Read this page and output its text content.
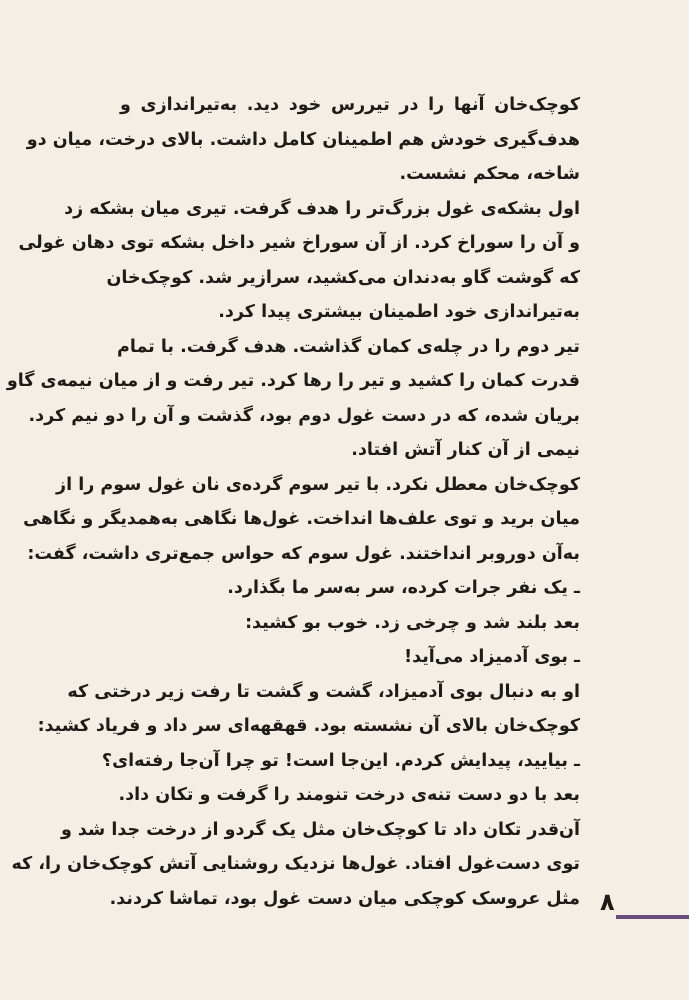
کوچک‌خان آنها را در تیررس خود دید. به‌تیراندازی و
هدف‌گیری خودش هم اطمینان کامل داشت. بالای درخت، میان دو
شاخه، محکم نشست.
اول بشکه‌ی غول بزرگ‌تر را هدف گرفت. تیری میان بشکه زد
و آن را سوراخ کرد. از آن سوراخ شیر داخل بشکه توی دهان غولی
که گوشت گاو به‌دندان می‌کشید، سرازیر شد. کوچک‌خان
به‌تیراندازی خود اطمینان بیشتری پیدا کرد.
تیر دوم را در چله‌ی کمان گذاشت. هدف گرفت. با تمام
قدرت کمان را کشید و تیر را رها کرد. تیر رفت و از میان نیمه‌ی گاو
بریان شده، که در دست غول دوم بود، گذشت و آن را دو نیم کرد.
نیمی از آن کنار آتش افتاد.
کوچک‌خان معطل نکرد. با تیر سوم گرده‌ی نان غول سوم را از
میان برید و توی علف‌ها انداخت. غول‌ها نگاهی به‌همدیگر و نگاهی
به‌آن دوروبر انداختند. غول سوم که حواس جمع‌تری داشت، گفت:
ـ یک نفر جرات کرده، سر به‌سر ما بگذارد.
بعد بلند شد و چرخی زد. خوب بو کشید:
ـ بوی آدمیزاد می‌آید!
او به دنبال بوی آدمیزاد، گشت و گشت تا رفت زیر درختی که
کوچک‌خان بالای آن نشسته بود. قهقهه‌ای سر داد و فریاد کشید:
ـ بیایید، پیدایش کردم. این‌جا است! تو چرا آن‌جا رفته‌ای؟
بعد با دو دست تنه‌ی درخت تنومند را گرفت و تکان داد.
آن‌قدر تکان داد تا کوچک‌خان مثل یک گردو از درخت جدا شد و
توی دست‌غول افتاد. غول‌ها نزدیک روشنایی آتش کوچک‌خان را، که
مثل عروسک کوچکی میان دست غول بود، تماشا کردند. ۸
